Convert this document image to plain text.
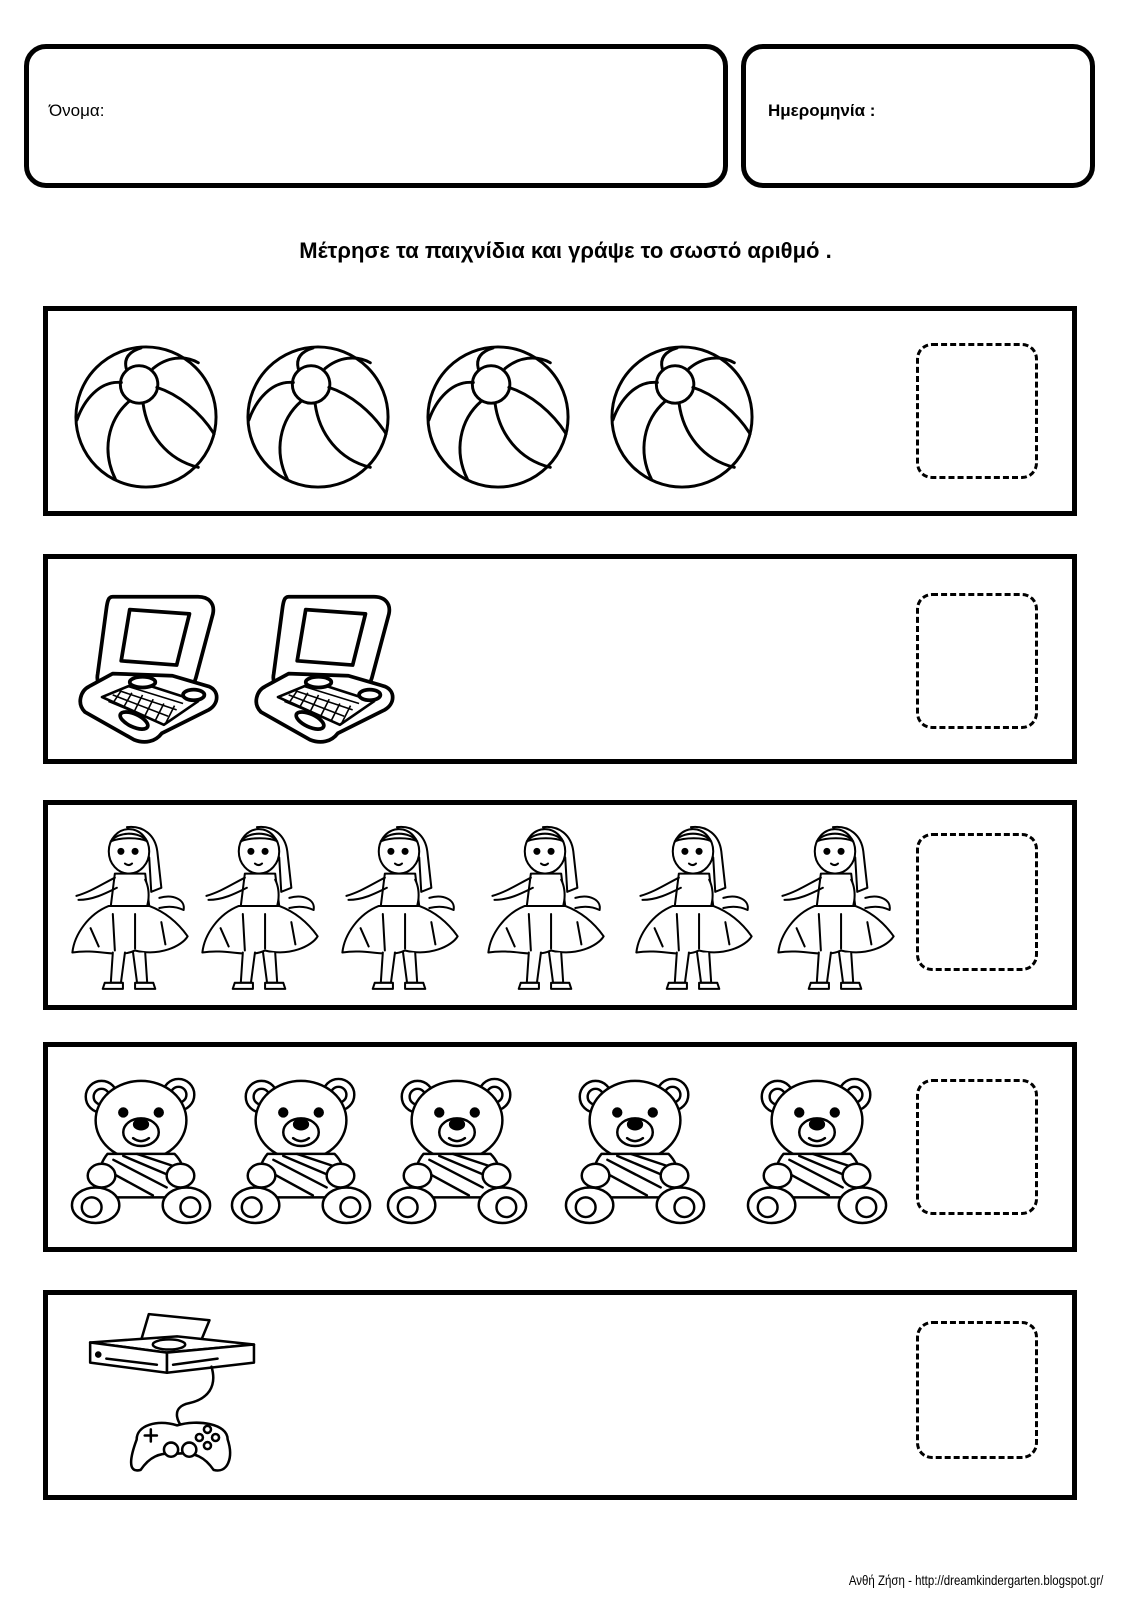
Όνομα:	Ημερομηνία :
Μέτρησε τα παιχνίδια και γράψε το σωστό αριθμό .
Ανθή Ζήση - http://dreamkindergarten.blogspot.gr/
